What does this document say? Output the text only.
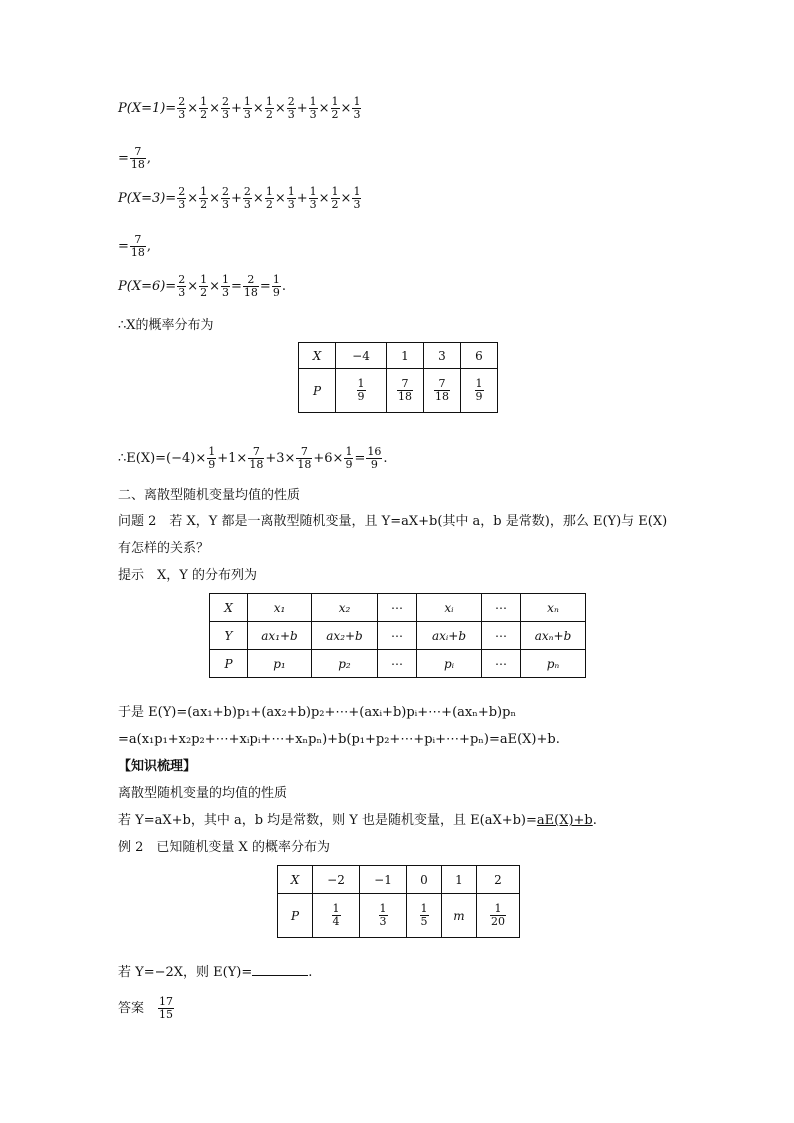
$P(X=1)= \frac{2}{3} \times \frac{1}{2} \times \frac{2}{3} + \frac{1}{3} \times \frac{1}{2} \times \frac{2}{3} + \frac{1}{3} \times \frac{1}{2} \times \frac{1}{3}$
= $\frac{7}{18}$ ,
$P(X=3)= \frac{2}{3} \times \frac{1}{2} \times \frac{2}{3} + \frac{2}{3} \times \frac{1}{2} \times \frac{1}{3} + \frac{1}{3} \times \frac{1}{2} \times \frac{1}{3}$
= $\frac{7}{18}$ ,
$P(X=6)= \frac{2}{3} \times \frac{1}{2} \times \frac{1}{3} = \frac{2}{18} = \frac{1}{9}$ .
∴X的概率分布为
X	−4	1	3	6
P	$\frac{1}{9}$	$\frac{7}{18}$	$\frac{7}{18}$	$\frac{1}{9}$
∴E(X)=(−4)× $\frac{1}{9} +1\times \frac{7}{18} +3\times \frac{7}{18} +6\times \frac{1}{9} = \frac{16}{9}$ .
二、离散型随机变量均值的性质
问题 2　 若 X，Y 都是一离散型随机变量，且 Y=aX+b(其中 a，b 是常数)，那么 E(Y)与 E(X)
有怎样的关系？
提示　X，Y 的分布列为
X	x₁	x₂	⋯	xᵢ	⋯	xₙ
Y	ax₁+b	ax₂+b	⋯	axᵢ+b	⋯	axₙ+b
P	p₁	p₂	⋯	pᵢ	⋯	pₙ
于是 E(Y)=(ax₁+b)p₁+(ax₂+b)p₂+⋯+(axᵢ+b)pᵢ+⋯+(axₙ+b)pₙ
=a(x₁p₁+x₂p₂+⋯+xᵢpᵢ+⋯+xₙpₙ)+b(p₁+p₂+⋯+pᵢ+⋯+pₙ)=aE(X)+b.
【知识梳理】
离散型随机变量的均值的性质
若 Y=aX+b，其中 a，b 均是常数，则 Y 也是随机变量，且 E(aX+b)=aE(X)+b.
例 2　 已知随机变量 X 的概率分布为
X	−2	−1	0	1	2
P	$\frac{1}{4}$	$\frac{1}{3}$	$\frac{1}{5}$	m	$\frac{1}{20}$
若 Y=−2X，则 E(Y)=	.
答案　 $\frac{17}{15}$
